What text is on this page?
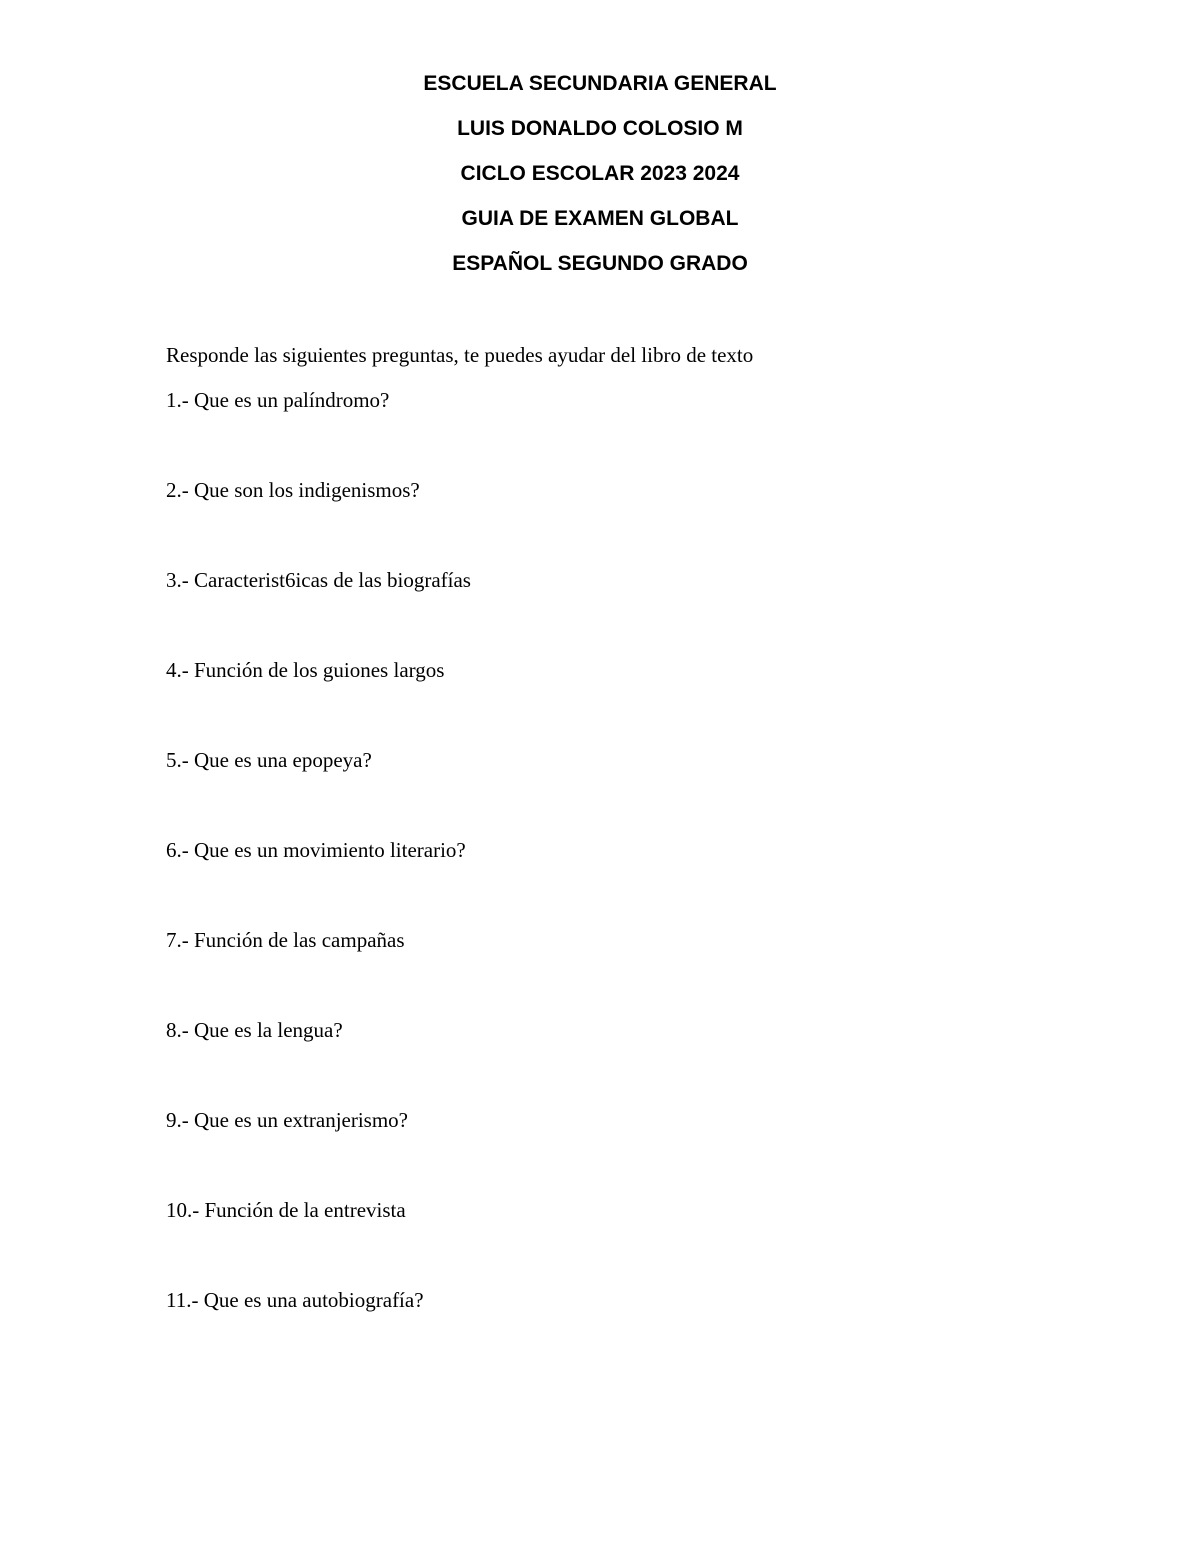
ESCUELA SECUNDARIA GENERAL

LUIS DONALDO COLOSIO M

CICLO ESCOLAR 2023 2024

GUIA DE EXAMEN GLOBAL

ESPAÑOL SEGUNDO GRADO

Responde las siguientes preguntas, te puedes ayudar del libro de texto

1.- Que es un palíndromo?
2.- Que son los indigenismos?
3.- Caracterist6icas de las biografías
4.- Función de los guiones largos
5.- Que es una epopeya?
6.- Que es un movimiento literario?
7.- Función de las campañas
8.- Que es la lengua?
9.- Que es un extranjerismo?
10.- Función de la entrevista
11.- Que es una autobiografía?
